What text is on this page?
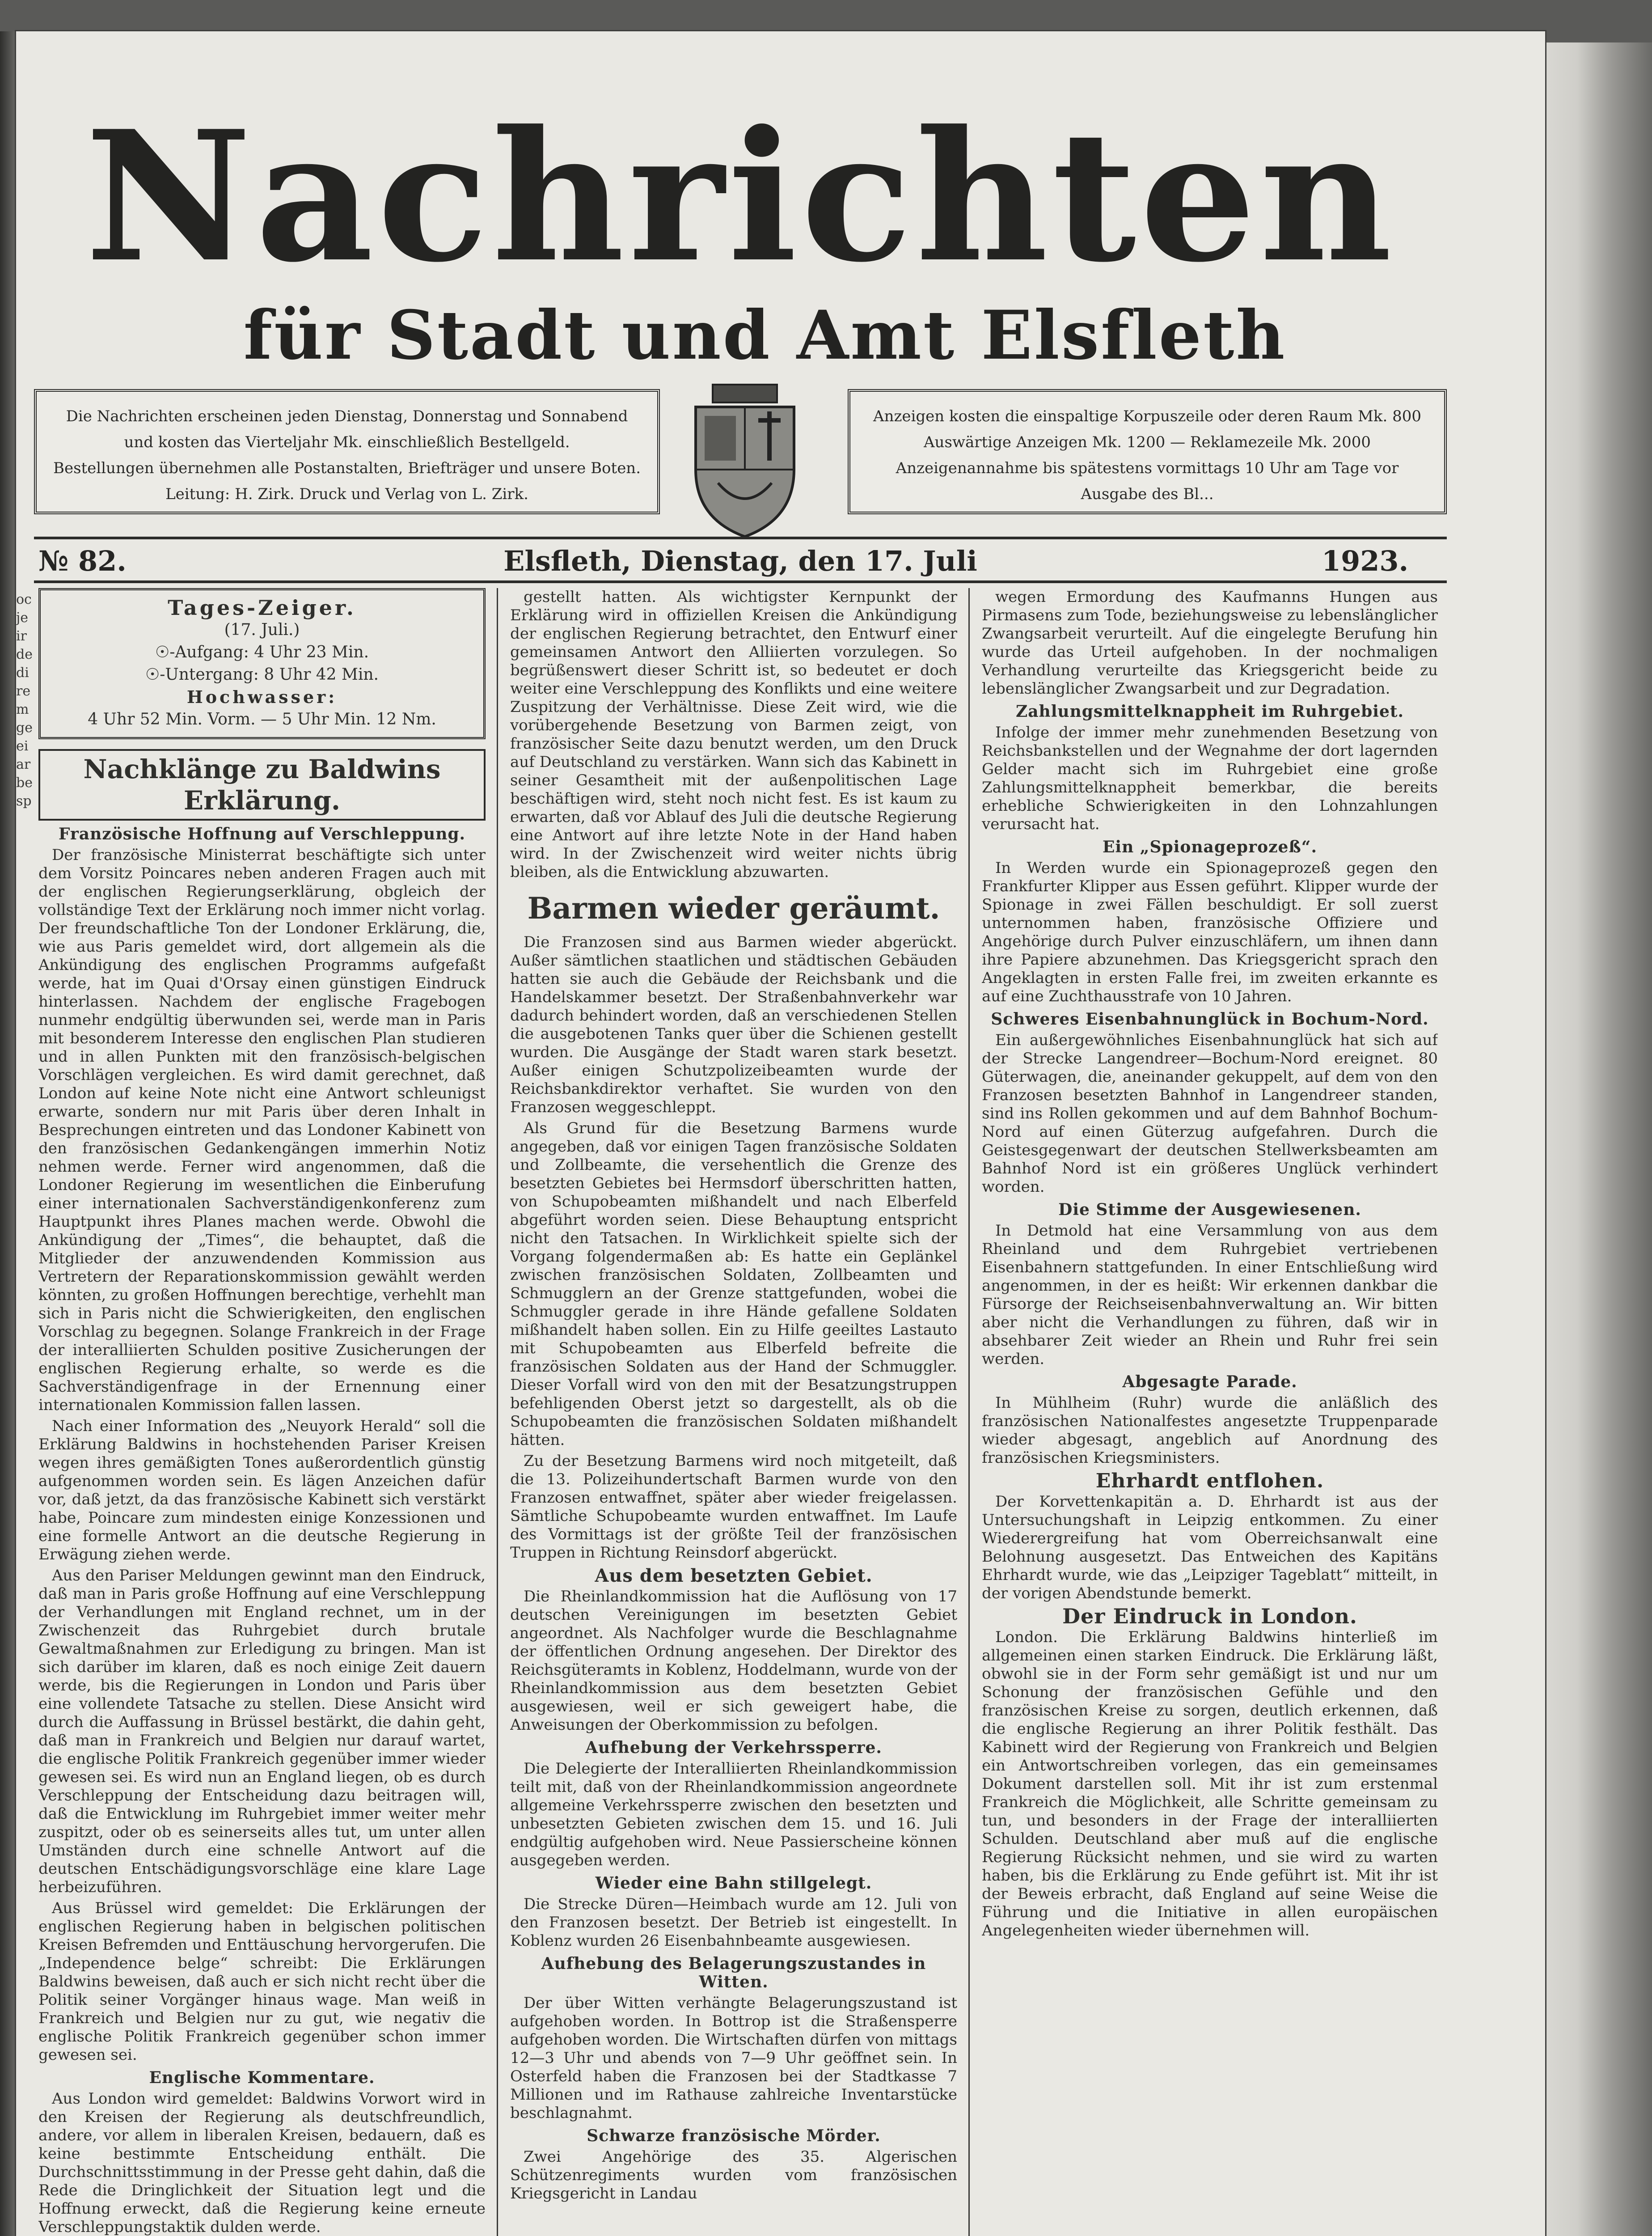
Nachrichten
für Stadt und Amt Elsfleth
Die Nachrichten erscheinen jeden Dienstag, Donnerstag und Sonnabend
und kosten das Vierteljahr Mk. einschließlich Bestellgeld.
Bestellungen übernehmen alle Postanstalten, Briefträger und unsere Boten.
Leitung: H. Zirk. Druck und Verlag von L. Zirk.
Anzeigen kosten die einspaltige Korpuszeile oder deren Raum Mk. 800
Auswärtige Anzeigen Mk. 1200 — Reklamezeile Mk. 2000
Anzeigenannahme bis spätestens vormittags 10 Uhr am Tage vor
Ausgabe des Bl...
№ 82.	Elsfleth, Dienstag, den 17. Juli	1923.
oc
je
ir
de
di
re
m
ge
ei
ar
be
sp
Tages-Zeiger.
(17. Juli.)
☉-Aufgang: 4 Uhr 23 Min.
☉-Untergang: 8 Uhr 42 Min.
Hochwasser:
4 Uhr 52 Min. Vorm. — 5 Uhr Min. 12 Nm.
Nachklänge zu Baldwins Erklärung.
Französische Hoffnung auf Verschleppung.

Der französische Ministerrat beschäftigte sich unter dem Vorsitz Poincares neben anderen Fragen auch mit der englischen Regierungserklärung, obgleich der vollständige Text der Erklärung noch immer nicht vorlag. Der freundschaftliche Ton der Londoner Erklärung, die, wie aus Paris gemeldet wird, dort allgemein als die Ankündigung des englischen Programms aufgefaßt werde, hat im Quai d'Orsay einen günstigen Eindruck hinterlassen. Nachdem der englische Fragebogen nunmehr endgültig überwunden sei, werde man in Paris mit besonderem Interesse den englischen Plan studieren und in allen Punkten mit den französisch-belgischen Vorschlägen vergleichen. Es wird damit gerechnet, daß London auf keine Note nicht eine Antwort schleunigst erwarte, sondern nur mit Paris über deren Inhalt in Besprechungen eintreten und das Londoner Kabinett von den französischen Gedankengängen immerhin Notiz nehmen werde. Ferner wird angenommen, daß die Londoner Regierung im wesentlichen die Einberufung einer internationalen Sachverständigenkonferenz zum Hauptpunkt ihres Planes machen werde. Obwohl die Ankündigung der „Times“, die behauptet, daß die Mitglieder der anzuwendenden Kommission aus Vertretern der Reparationskommission gewählt werden könnten, zu großen Hoffnungen berechtige, verhehlt man sich in Paris nicht die Schwierigkeiten, den englischen Vorschlag zu begegnen. Solange Frankreich in der Frage der interalliierten Schulden positive Zusicherungen der englischen Regierung erhalte, so werde es die Sachverständigenfrage in der Ernennung einer internationalen Kommission fallen lassen.

Nach einer Information des „Neuyork Herald“ soll die Erklärung Baldwins in hochstehenden Pariser Kreisen wegen ihres gemäßigten Tones außerordentlich günstig aufgenommen worden sein. Es lägen Anzeichen dafür vor, daß jetzt, da das französische Kabinett sich verstärkt habe, Poincare zum mindesten einige Konzessionen und eine formelle Antwort an die deutsche Regierung in Erwägung ziehen werde.

Aus den Pariser Meldungen gewinnt man den Eindruck, daß man in Paris große Hoffnung auf eine Verschleppung der Verhandlungen mit England rechnet, um in der Zwischenzeit das Ruhrgebiet durch brutale Gewaltmaßnahmen zur Erledigung zu bringen. Man ist sich darüber im klaren, daß es noch einige Zeit dauern werde, bis die Regierungen in London und Paris über eine vollendete Tatsache zu stellen. Diese Ansicht wird durch die Auffassung in Brüssel bestärkt, die dahin geht, daß man in Frankreich und Belgien nur darauf wartet, die englische Politik Frankreich gegenüber immer wieder gewesen sei. Es wird nun an England liegen, ob es durch Verschleppung der Entscheidung dazu beitragen will, daß die Entwicklung im Ruhrgebiet immer weiter mehr zuspitzt, oder ob es seinerseits alles tut, um unter allen Umständen durch eine schnelle Antwort auf die deutschen Entschädigungsvorschläge eine klare Lage herbeizuführen.

Aus Brüssel wird gemeldet: Die Erklärungen der englischen Regierung haben in belgischen politischen Kreisen Befremden und Enttäuschung hervorgerufen. Die „Independence belge“ schreibt: Die Erklärungen Baldwins beweisen, daß auch er sich nicht recht über die Politik seiner Vorgänger hinaus wage. Man weiß in Frankreich und Belgien nur zu gut, wie negativ die englische Politik Frankreich gegenüber schon immer gewesen sei.

Englische Kommentare.

Aus London wird gemeldet: Baldwins Vorwort wird in den Kreisen der Regierung als deutschfreundlich, andere, vor allem in liberalen Kreisen, bedauern, daß es keine bestimmte Entscheidung enthält. Die Durchschnittsstimmung in der Presse geht dahin, daß die Rede die Dringlichkeit der Situation legt und die Hoffnung erweckt, daß die Regierung keine erneute Verschleppungstaktik dulden werde.

gestellt hatten. Als wichtigster Kernpunkt der Erklärung wird in offiziellen Kreisen die Ankündigung der englischen Regierung betrachtet, den Entwurf einer gemeinsamen Antwort den Alliierten vorzulegen. So begrüßenswert dieser Schritt ist, so bedeutet er doch weiter eine Verschleppung des Konflikts und eine weitere Zuspitzung der Verhältnisse. Diese Zeit wird, wie die vorübergehende Besetzung von Barmen zeigt, von französischer Seite dazu benutzt werden, um den Druck auf Deutschland zu verstärken. Wann sich das Kabinett in seiner Gesamtheit mit der außenpolitischen Lage beschäftigen wird, steht noch nicht fest. Es ist kaum zu erwarten, daß vor Ablauf des Juli die deutsche Regierung eine Antwort auf ihre letzte Note in der Hand haben wird. In der Zwischenzeit wird weiter nichts übrig bleiben, als die Entwicklung abzuwarten.

Barmen wieder geräumt.

Die Franzosen sind aus Barmen wieder abgerückt. Außer sämtlichen staatlichen und städtischen Gebäuden hatten sie auch die Gebäude der Reichsbank und die Handelskammer besetzt. Der Straßenbahnverkehr war dadurch behindert worden, daß an verschiedenen Stellen die ausgebotenen Tanks quer über die Schienen gestellt wurden. Die Ausgänge der Stadt waren stark besetzt. Außer einigen Schutzpolizeibeamten wurde der Reichsbankdirektor verhaftet. Sie wurden von den Franzosen weggeschleppt.

Als Grund für die Besetzung Barmens wurde angegeben, daß vor einigen Tagen französische Soldaten und Zollbeamte, die versehentlich die Grenze des besetzten Gebietes bei Hermsdorf überschritten hatten, von Schupobeamten mißhandelt und nach Elberfeld abgeführt worden seien. Diese Behauptung entspricht nicht den Tatsachen. In Wirklichkeit spielte sich der Vorgang folgendermaßen ab: Es hatte ein Geplänkel zwischen französischen Soldaten, Zollbeamten und Schmugglern an der Grenze stattgefunden, wobei die Schmuggler gerade in ihre Hände gefallene Soldaten mißhandelt haben sollen. Ein zu Hilfe geeiltes Lastauto mit Schupobeamten aus Elberfeld befreite die französischen Soldaten aus der Hand der Schmuggler. Dieser Vorfall wird von den mit der Besatzungstruppen befehligenden Oberst jetzt so dargestellt, als ob die Schupobeamten die französischen Soldaten mißhandelt hätten.

Zu der Besetzung Barmens wird noch mitgeteilt, daß die 13. Polizeihundertschaft Barmen wurde von den Franzosen entwaffnet, später aber wieder freigelassen. Sämtliche Schupobeamte wurden entwaffnet. Im Laufe des Vormittags ist der größte Teil der französischen Truppen in Richtung Reinsdorf abgerückt.

Aus dem besetzten Gebiet.

Die Rheinlandkommission hat die Auflösung von 17 deutschen Vereinigungen im besetzten Gebiet angeordnet. Als Nachfolger wurde die Beschlagnahme der öffentlichen Ordnung angesehen. Der Direktor des Reichsgüteramts in Koblenz, Hoddelmann, wurde von der Rheinlandkommission aus dem besetzten Gebiet ausgewiesen, weil er sich geweigert habe, die Anweisungen der Oberkommission zu befolgen.

Aufhebung der Verkehrssperre.

Die Delegierte der Interalliierten Rheinlandkommission teilt mit, daß von der Rheinlandkommission angeordnete allgemeine Verkehrssperre zwischen den besetzten und unbesetzten Gebieten zwischen dem 15. und 16. Juli endgültig aufgehoben wird. Neue Passierscheine können ausgegeben werden.

Wieder eine Bahn stillgelegt.

Die Strecke Düren—Heimbach wurde am 12. Juli von den Franzosen besetzt. Der Betrieb ist eingestellt. In Koblenz wurden 26 Eisenbahnbeamte ausgewiesen.

Aufhebung des Belagerungszustandes in Witten.

Der über Witten verhängte Belagerungszustand ist aufgehoben worden. In Bottrop ist die Straßensperre aufgehoben worden. Die Wirtschaften dürfen von mittags 12—3 Uhr und abends von 7—9 Uhr geöffnet sein. In Osterfeld haben die Franzosen bei der Stadtkasse 7 Millionen und im Rathause zahlreiche Inventarstücke beschlagnahmt.

Schwarze französische Mörder.

Zwei Angehörige des 35. Algerischen Schützenregiments wurden vom französischen Kriegsgericht in Landau

wegen Ermordung des Kaufmanns Hungen aus Pirmasens zum Tode, beziehungsweise zu lebenslänglicher Zwangsarbeit verurteilt. Auf die eingelegte Berufung hin wurde das Urteil aufgehoben. In der nochmaligen Verhandlung verurteilte das Kriegsgericht beide zu lebenslänglicher Zwangsarbeit und zur Degradation.

Zahlungsmittelknappheit im Ruhrgebiet.

Infolge der immer mehr zunehmenden Besetzung von Reichsbankstellen und der Wegnahme der dort lagernden Gelder macht sich im Ruhrgebiet eine große Zahlungsmittelknappheit bemerkbar, die bereits erhebliche Schwierigkeiten in den Lohnzahlungen verursacht hat.

Ein „Spionageprozeß“.

In Werden wurde ein Spionageprozeß gegen den Frankfurter Klipper aus Essen geführt. Klipper wurde der Spionage in zwei Fällen beschuldigt. Er soll zuerst unternommen haben, französische Offiziere und Angehörige durch Pulver einzuschläfern, um ihnen dann ihre Papiere abzunehmen. Das Kriegsgericht sprach den Angeklagten in ersten Falle frei, im zweiten erkannte es auf eine Zuchthausstrafe von 10 Jahren.

Schweres Eisenbahnunglück in Bochum-Nord.

Ein außergewöhnliches Eisenbahnunglück hat sich auf der Strecke Langendreer—Bochum-Nord ereignet. 80 Güterwagen, die, aneinander gekuppelt, auf dem von den Franzosen besetzten Bahnhof in Langendreer standen, sind ins Rollen gekommen und auf dem Bahnhof Bochum-Nord auf einen Güterzug aufgefahren. Durch die Geistesgegenwart der deutschen Stellwerksbeamten am Bahnhof Nord ist ein größeres Unglück verhindert worden.

Die Stimme der Ausgewiesenen.

In Detmold hat eine Versammlung von aus dem Rheinland und dem Ruhrgebiet vertriebenen Eisenbahnern stattgefunden. In einer Entschließung wird angenommen, in der es heißt: Wir erkennen dankbar die Fürsorge der Reichseisenbahnverwaltung an. Wir bitten aber nicht die Verhandlungen zu führen, daß wir in absehbarer Zeit wieder an Rhein und Ruhr frei sein werden.

Abgesagte Parade.

In Mühlheim (Ruhr) wurde die anläßlich des französischen Nationalfestes angesetzte Truppenparade wieder abgesagt, angeblich auf Anordnung des französischen Kriegsministers.

Ehrhardt entflohen.

Der Korvettenkapitän a. D. Ehrhardt ist aus der Untersuchungshaft in Leipzig entkommen. Zu einer Wiederergreifung hat vom Oberreichsanwalt eine Belohnung ausgesetzt. Das Entweichen des Kapitäns Ehrhardt wurde, wie das „Leipziger Tageblatt“ mitteilt, in der vorigen Abendstunde bemerkt.

Der Eindruck in London.

London. Die Erklärung Baldwins hinterließ im allgemeinen einen starken Eindruck. Die Erklärung läßt, obwohl sie in der Form sehr gemäßigt ist und nur um Schonung der französischen Gefühle und den französischen Kreise zu sorgen, deutlich erkennen, daß die englische Regierung an ihrer Politik festhält. Das Kabinett wird der Regierung von Frankreich und Belgien ein Antwortschreiben vorlegen, das ein gemeinsames Dokument darstellen soll. Mit ihr ist zum erstenmal Frankreich die Möglichkeit, alle Schritte gemeinsam zu tun, und besonders in der Frage der interalliierten Schulden. Deutschland aber muß auf die englische Regierung Rücksicht nehmen, und sie wird zu warten haben, bis die Erklärung zu Ende geführt ist. Mit ihr ist der Beweis erbracht, daß England auf seine Weise die Führung und die Initiative in allen europäischen Angelegenheiten wieder übernehmen will.
